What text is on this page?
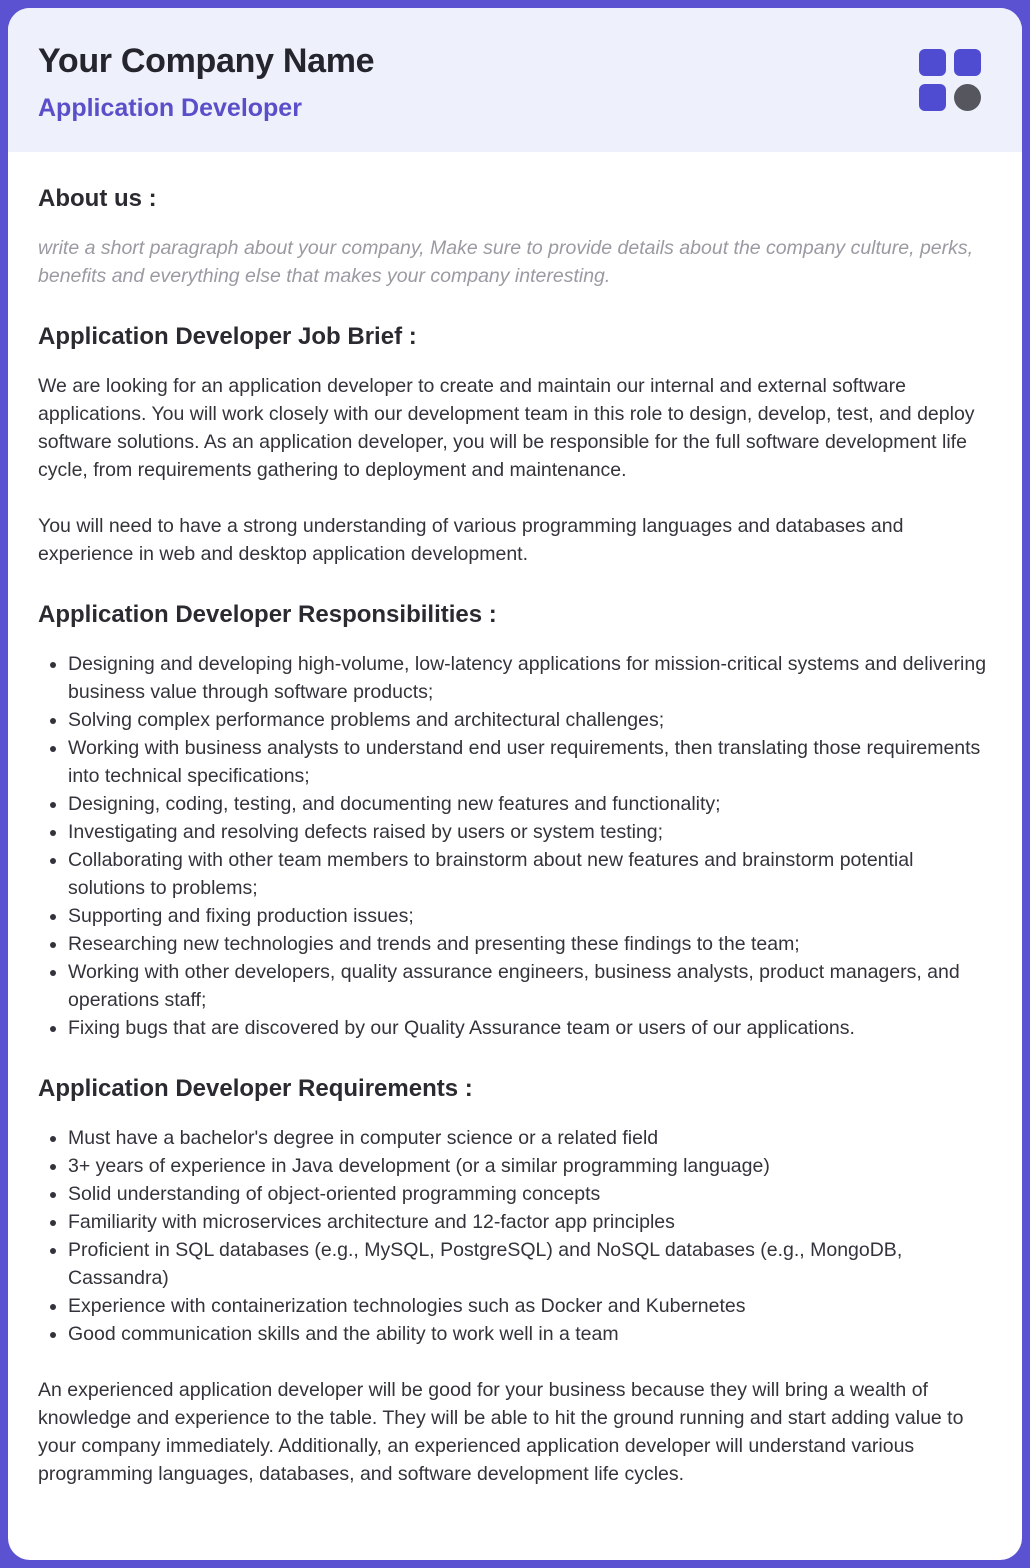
Your Company Name
Application Developer
About us :

write a short paragraph about your company, Make sure to provide details about the company culture, perks, benefits and everything else that makes your company interesting.

Application Developer Job Brief :

We are looking for an application developer to create and maintain our internal and external software applications. You will work closely with our development team in this role to design, develop, test, and deploy software solutions. As an application developer, you will be responsible for the full software development life cycle, from requirements gathering to deployment and maintenance.

You will need to have a strong understanding of various programming languages and databases and experience in web and desktop application development.

Application Developer Responsibilities :
• Designing and developing high-volume, low-latency applications for mission-critical systems and delivering business value through software products;
• Solving complex performance problems and architectural challenges;
• Working with business analysts to understand end user requirements, then translating those requirements into technical specifications;
• Designing, coding, testing, and documenting new features and functionality;
• Investigating and resolving defects raised by users or system testing;
• Collaborating with other team members to brainstorm about new features and brainstorm potential solutions to problems;
• Supporting and fixing production issues;
• Researching new technologies and trends and presenting these findings to the team;
• Working with other developers, quality assurance engineers, business analysts, product managers, and operations staff;
• Fixing bugs that are discovered by our Quality Assurance team or users of our applications.
Application Developer Requirements :
• Must have a bachelor's degree in computer science or a related field
• 3+ years of experience in Java development (or a similar programming language)
• Solid understanding of object-oriented programming concepts
• Familiarity with microservices architecture and 12-factor app principles
• Proficient in SQL databases (e.g., MySQL, PostgreSQL) and NoSQL databases (e.g., MongoDB, Cassandra)
• Experience with containerization technologies such as Docker and Kubernetes
• Good communication skills and the ability to work well in a team

An experienced application developer will be good for your business because they will bring a wealth of knowledge and experience to the table. They will be able to hit the ground running and start adding value to your company immediately. Additionally, an experienced application developer will understand various programming languages, databases, and software development life cycles.
